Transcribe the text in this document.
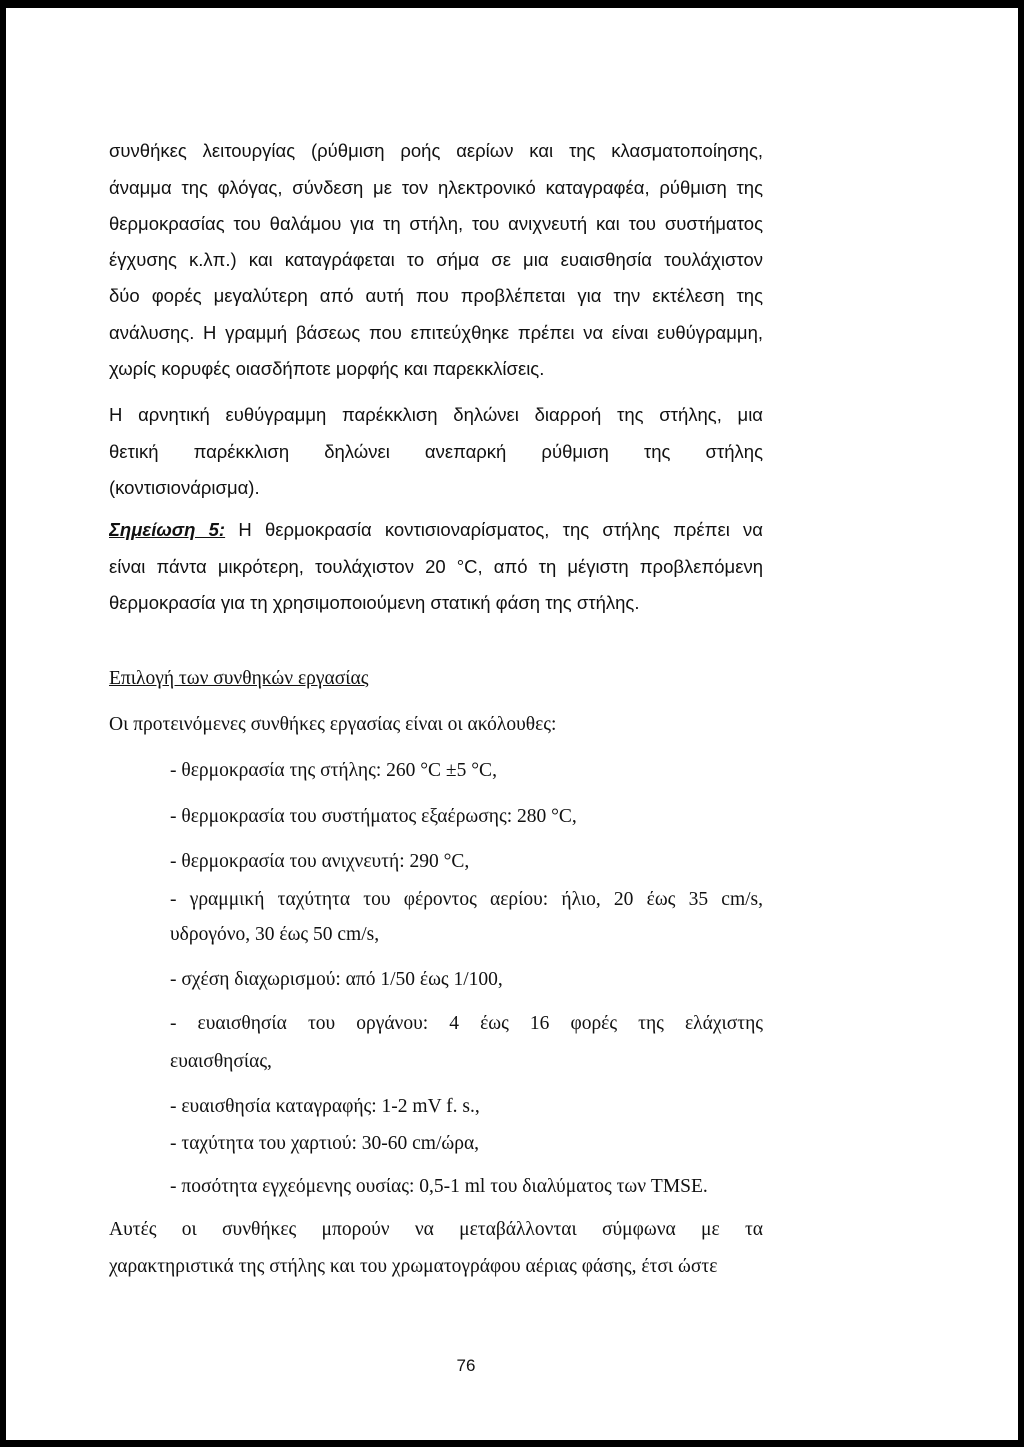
συνθήκες λειτουργίας (ρύθμιση ροής αερίων και της κλασματοποίησης,
άναμμα της φλόγας, σύνδεση με τον ηλεκτρονικό καταγραφέα, ρύθμιση της
θερμοκρασίας του θαλάμου για τη στήλη, του ανιχνευτή και του συστήματος
έγχυσης κ.λπ.) και καταγράφεται το σήμα σε μια ευαισθησία τουλάχιστον
δύο φορές μεγαλύτερη από αυτή που προβλέπεται για την εκτέλεση της
ανάλυσης. Η γραμμή βάσεως που επιτεύχθηκε πρέπει να είναι ευθύγραμμη,
χωρίς κορυφές οιασδήποτε μορφής και παρεκκλίσεις.
Η αρνητική ευθύγραμμη παρέκκλιση δηλώνει διαρροή της στήλης, μια
θετική παρέκκλιση δηλώνει ανεπαρκή ρύθμιση της στήλης
(κοντισιονάρισμα).
Σημείωση 5: Η θερμοκρασία κοντισιοναρίσματος, της στήλης πρέπει να
είναι πάντα μικρότερη, τουλάχιστον 20 °C, από τη μέγιστη προβλεπόμενη
θερμοκρασία για τη χρησιμοποιούμενη στατική φάση της στήλης.
Επιλογή των συνθηκών εργασίας
Οι προτεινόμενες συνθήκες εργασίας είναι οι ακόλουθες:
- θερμοκρασία της στήλης: 260 °C ±5 °C,
- θερμοκρασία του συστήματος εξαέρωσης: 280 °C,
- θερμοκρασία του ανιχνευτή: 290 °C,
- γραμμική ταχύτητα του φέροντος αερίου: ήλιο, 20 έως 35 cm/s,
υδρογόνο, 30 έως 50 cm/s,
- σχέση διαχωρισμού: από 1/50 έως 1/100,
- ευαισθησία του οργάνου: 4 έως 16 φορές της ελάχιστης
ευαισθησίας,
- ευαισθησία καταγραφής: 1-2 mV f. s.,
- ταχύτητα του χαρτιού: 30-60 cm/ώρα,
- ποσότητα εγχεόμενης ουσίας: 0,5-1 ml του διαλύματος των TMSE.
Αυτές οι συνθήκες μπορούν να μεταβάλλονται σύμφωνα με τα
χαρακτηριστικά της στήλης και του χρωματογράφου αέριας φάσης, έτσι ώστε
76
